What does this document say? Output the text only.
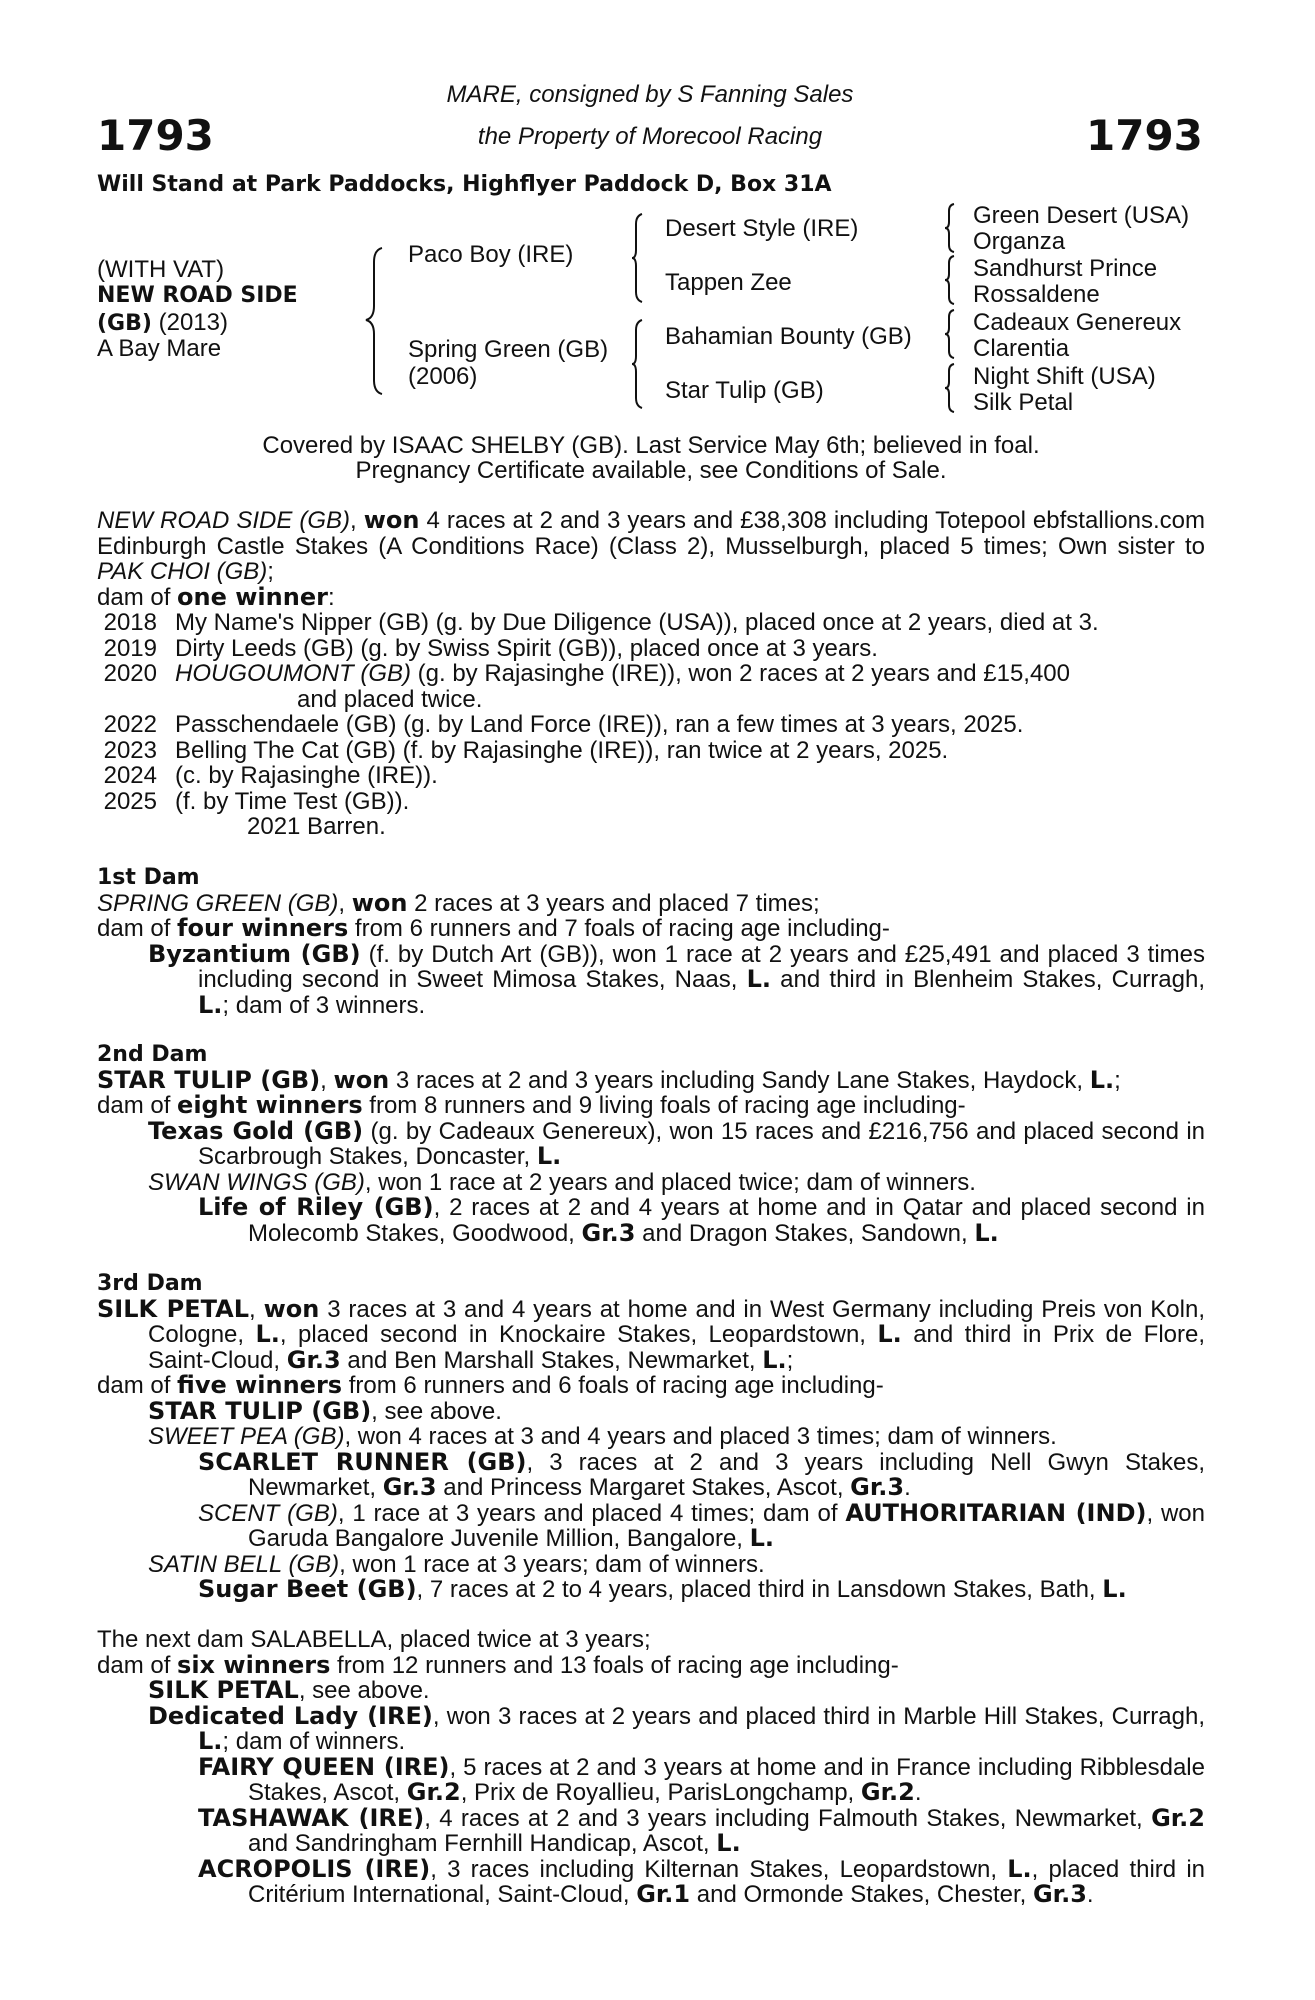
1793	1793
MARE, consigned by S Fanning Sales
the Property of Morecool Racing
Will Stand at Park Paddocks, Highflyer Paddock D, Box 31A
(WITH VAT)
NEW ROAD SIDE
(GB) (2013)
A Bay Mare
Paco Boy (IRE)
Spring Green (GB)
(2006)
Desert Style (IRE)
Tappen Zee
Bahamian Bounty (GB)
Star Tulip (GB)
Green Desert (USA)
Organza
Sandhurst Prince
Rossaldene
Cadeaux Genereux
Clarentia
Night Shift (USA)
Silk Petal
Covered by ISAAC SHELBY (GB). Last Service May 6th; believed in foal.
Pregnancy Certificate available, see Conditions of Sale.

NEW ROAD SIDE (GB), won 4 races at 2 and 3 years and £38,308 including Totepool ebfstallions.com Edinburgh Castle Stakes (A Conditions Race) (Class 2), Musselburgh, placed 5 times; Own sister to PAK CHOI (GB);

dam of one winner:
2018 My Name's Nipper (GB) (g. by Due Diligence (USA)), placed once at 2 years, died at 3.
2019 Dirty Leeds (GB) (g. by Swiss Spirit (GB)), placed once at 3 years.
2020 HOUGOUMONT (GB) (g. by Rajasinghe (IRE)), won 2 races at 2 years and £15,400
and placed twice.
2022 Passchendaele (GB) (g. by Land Force (IRE)), ran a few times at 3 years, 2025.
2023 Belling The Cat (GB) (f. by Rajasinghe (IRE)), ran twice at 2 years, 2025.
2024 (c. by Rajasinghe (IRE)).
2025 (f. by Time Test (GB)).
2021 Barren.
1st Dam
SPRING GREEN (GB), won 2 races at 3 years and placed 7 times;
dam of four winners from 6 runners and 7 foals of racing age including-

Byzantium (GB) (f. by Dutch Art (GB)), won 1 race at 2 years and £25,491 and placed 3 times including second in Sweet Mimosa Stakes, Naas, L. and third in Blenheim Stakes, Curragh, L.; dam of 3 winners.

2nd Dam
STAR TULIP (GB), won 3 races at 2 and 3 years including Sandy Lane Stakes, Haydock, L.;
dam of eight winners from 8 runners and 9 living foals of racing age including-

Texas Gold (GB) (g. by Cadeaux Genereux), won 15 races and £216,756 and placed second in Scarbrough Stakes, Doncaster, L.

SWAN WINGS (GB), won 1 race at 2 years and placed twice; dam of winners.

Life of Riley (GB), 2 races at 2 and 4 years at home and in Qatar and placed second in Molecomb Stakes, Goodwood, Gr.3 and Dragon Stakes, Sandown, L.

3rd Dam

SILK PETAL, won 3 races at 3 and 4 years at home and in West Germany including Preis von Koln, Cologne, L., placed second in Knockaire Stakes, Leopardstown, L. and third in Prix de Flore, Saint-Cloud, Gr.3 and Ben Marshall Stakes, Newmarket, L.;

dam of five winners from 6 runners and 6 foals of racing age including-
STAR TULIP (GB), see above.
SWEET PEA (GB), won 4 races at 3 and 4 years and placed 3 times; dam of winners.

SCARLET RUNNER (GB), 3 races at 2 and 3 years including Nell Gwyn Stakes, Newmarket, Gr.3 and Princess Margaret Stakes, Ascot, Gr.3.

SCENT (GB), 1 race at 3 years and placed 4 times; dam of AUTHORITARIAN (IND), won Garuda Bangalore Juvenile Million, Bangalore, L.

SATIN BELL (GB), won 1 race at 3 years; dam of winners.
Sugar Beet (GB), 7 races at 2 to 4 years, placed third in Lansdown Stakes, Bath, L.
The next dam SALABELLA, placed twice at 3 years;
dam of six winners from 12 runners and 13 foals of racing age including-
SILK PETAL, see above.

Dedicated Lady (IRE), won 3 races at 2 years and placed third in Marble Hill Stakes, Curragh, L.; dam of winners.

FAIRY QUEEN (IRE), 5 races at 2 and 3 years at home and in France including Ribblesdale Stakes, Ascot, Gr.2, Prix de Royallieu, ParisLongchamp, Gr.2.

TASHAWAK (IRE), 4 races at 2 and 3 years including Falmouth Stakes, Newmarket, Gr.2 and Sandringham Fernhill Handicap, Ascot, L.

ACROPOLIS (IRE), 3 races including Kilternan Stakes, Leopardstown, L., placed third in Critérium International, Saint-Cloud, Gr.1 and Ormonde Stakes, Chester, Gr.3.
